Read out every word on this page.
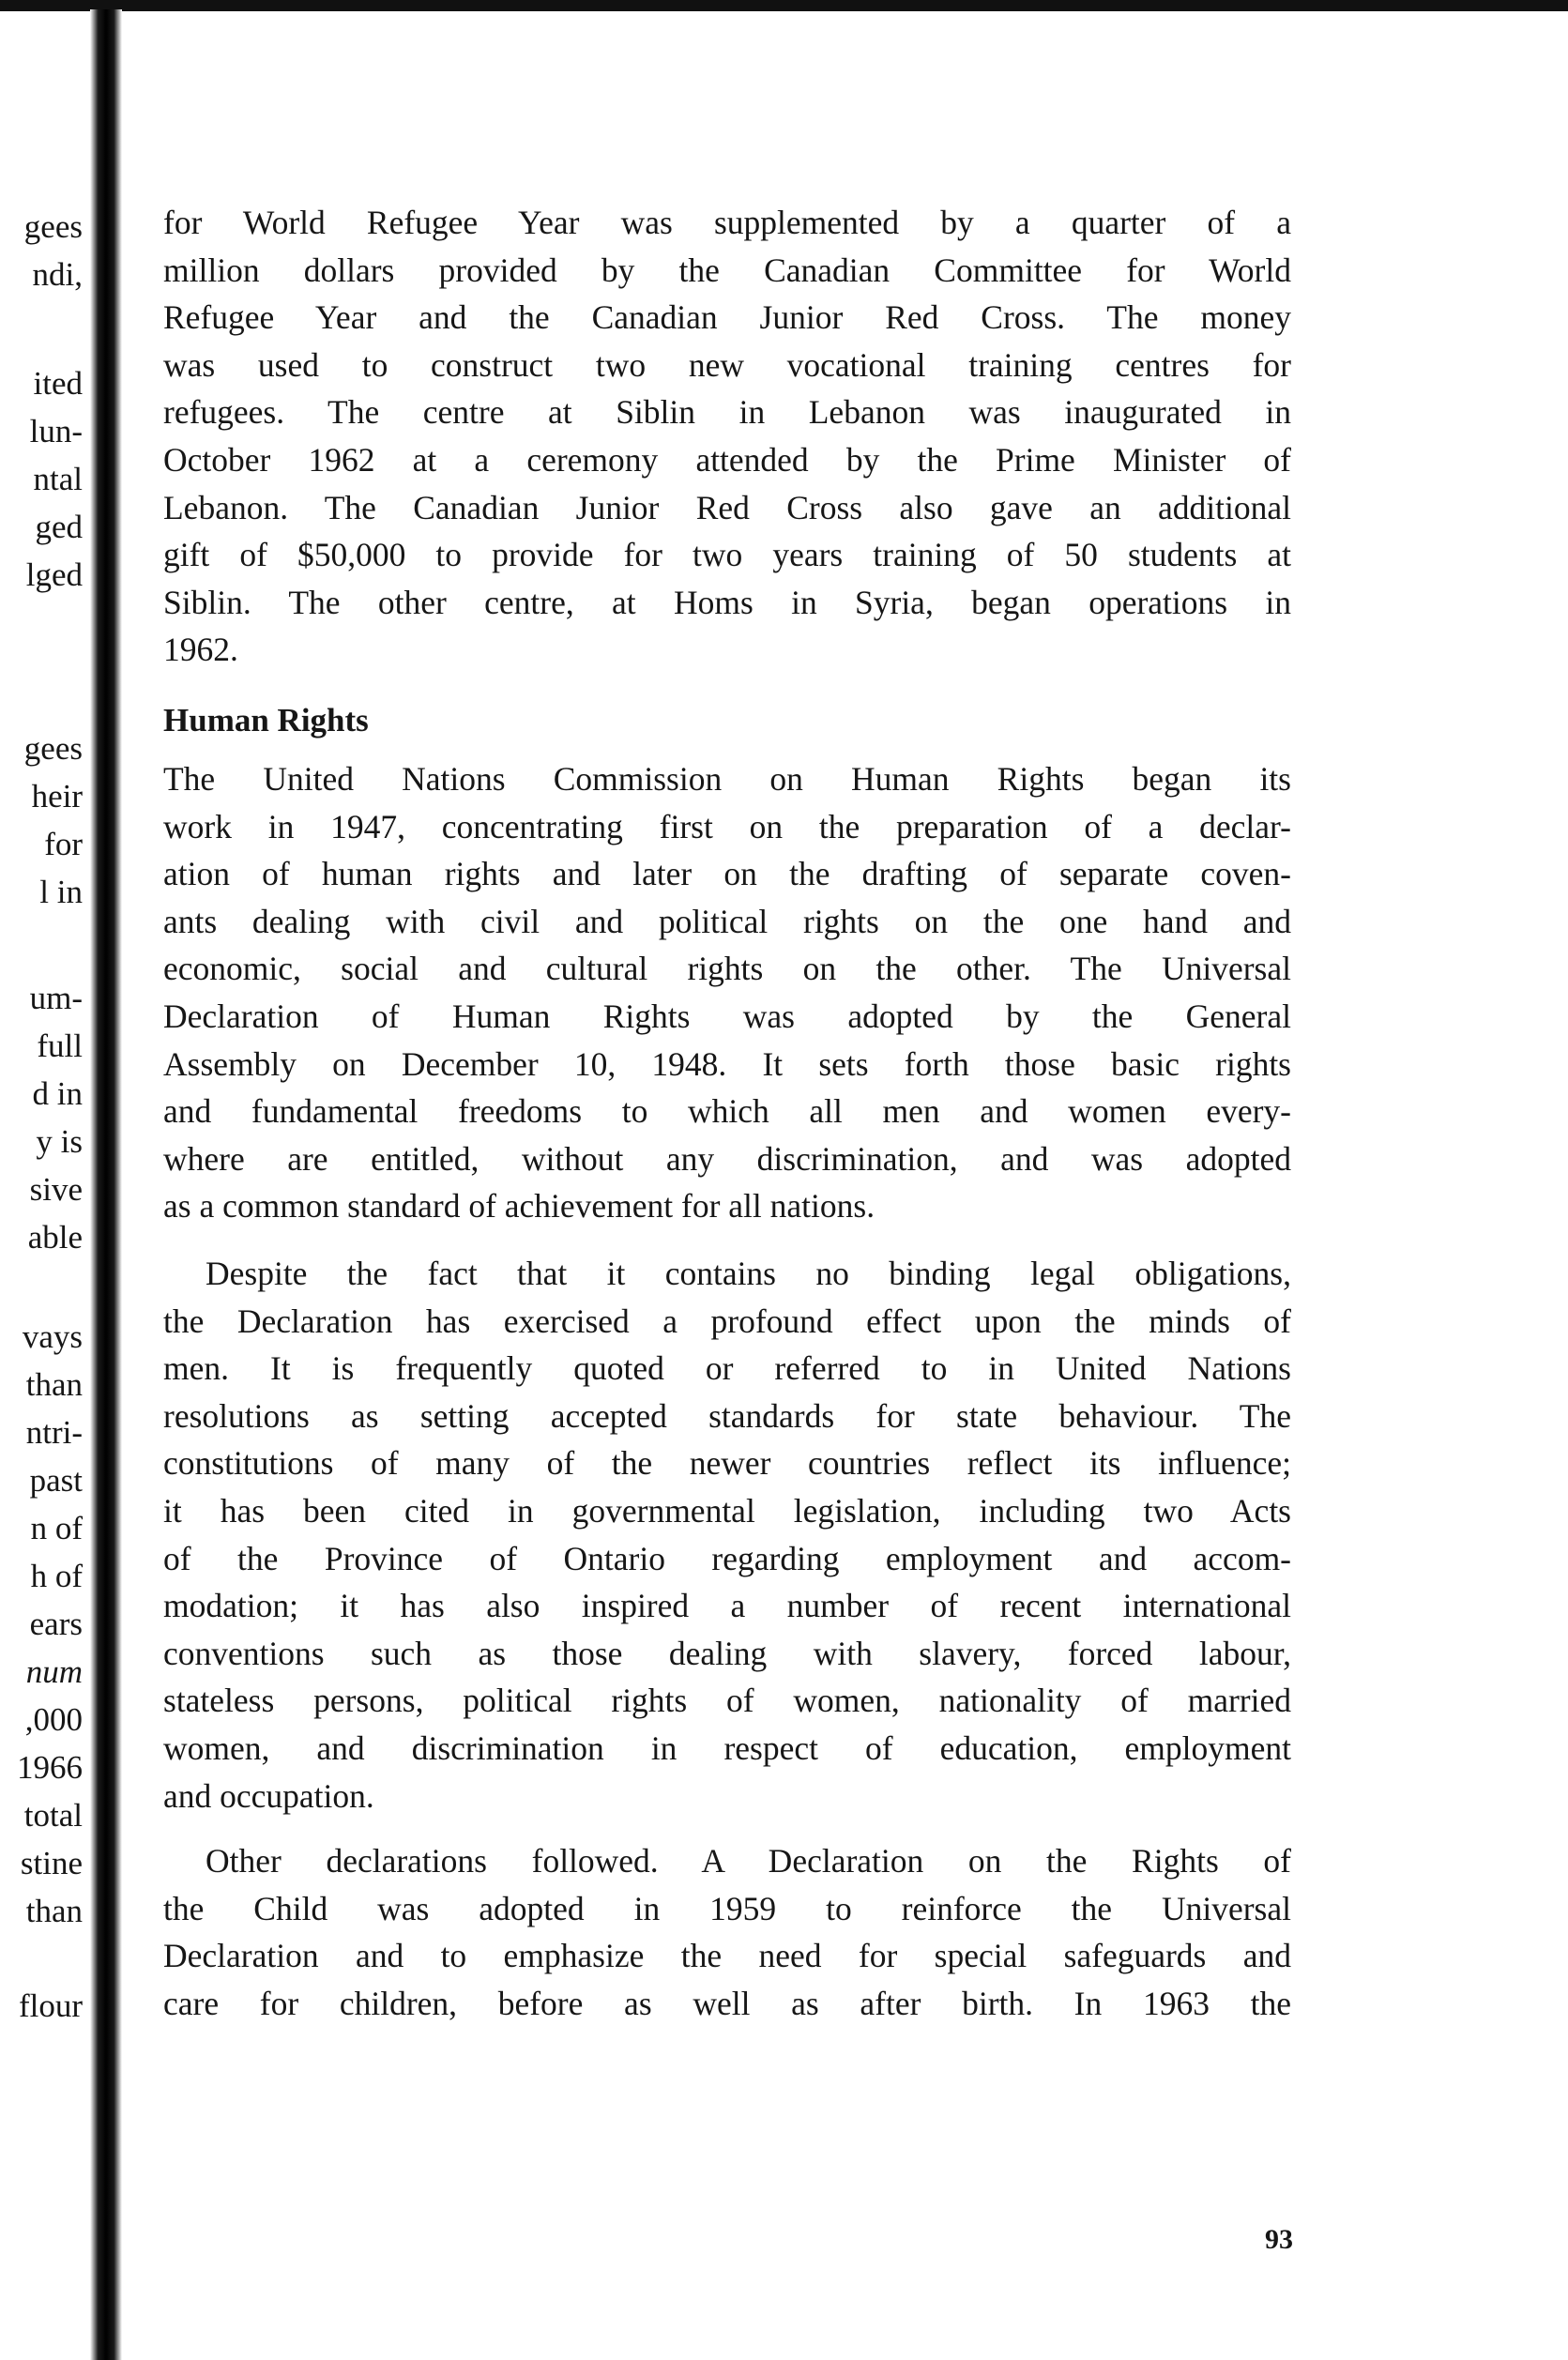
gees
ndi,
ited
lun-
ntal
ged
lged
gees
heir
for
l in
um-
full
d in
y is
sive
able
vays
than
ntri-
past
n of
h of
ears
num
,000
1966
total
stine
than
flour
for World Refugee Year was supplemented by a quarter of a
million dollars provided by the Canadian Committee for World
Refugee Year and the Canadian Junior Red Cross. The money
was used to construct two new vocational training centres for
refugees. The centre at Siblin in Lebanon was inaugurated in
October 1962 at a ceremony attended by the Prime Minister of
Lebanon. The Canadian Junior Red Cross also gave an additional
gift of $50,000 to provide for two years training of 50 students at
Siblin. The other centre, at Homs in Syria, began operations in
1962.
Human Rights
The United Nations Commission on Human Rights began its
work in 1947, concentrating first on the preparation of a declar-
ation of human rights and later on the drafting of separate coven-
ants dealing with civil and political rights on the one hand and
economic, social and cultural rights on the other. The Universal
Declaration of Human Rights was adopted by the General
Assembly on December 10, 1948. It sets forth those basic rights
and fundamental freedoms to which all men and women every-
where are entitled, without any discrimination, and was adopted
as a common standard of achievement for all nations.
Despite the fact that it contains no binding legal obligations,
the Declaration has exercised a profound effect upon the minds of
men. It is frequently quoted or referred to in United Nations
resolutions as setting accepted standards for state behaviour. The
constitutions of many of the newer countries reflect its influence;
it has been cited in governmental legislation, including two Acts
of the Province of Ontario regarding employment and accom-
modation; it has also inspired a number of recent international
conventions such as those dealing with slavery, forced labour,
stateless persons, political rights of women, nationality of married
women, and discrimination in respect of education, employment
and occupation.
Other declarations followed. A Declaration on the Rights of
the Child was adopted in 1959 to reinforce the Universal
Declaration and to emphasize the need for special safeguards and
care for children, before as well as after birth. In 1963 the
93
